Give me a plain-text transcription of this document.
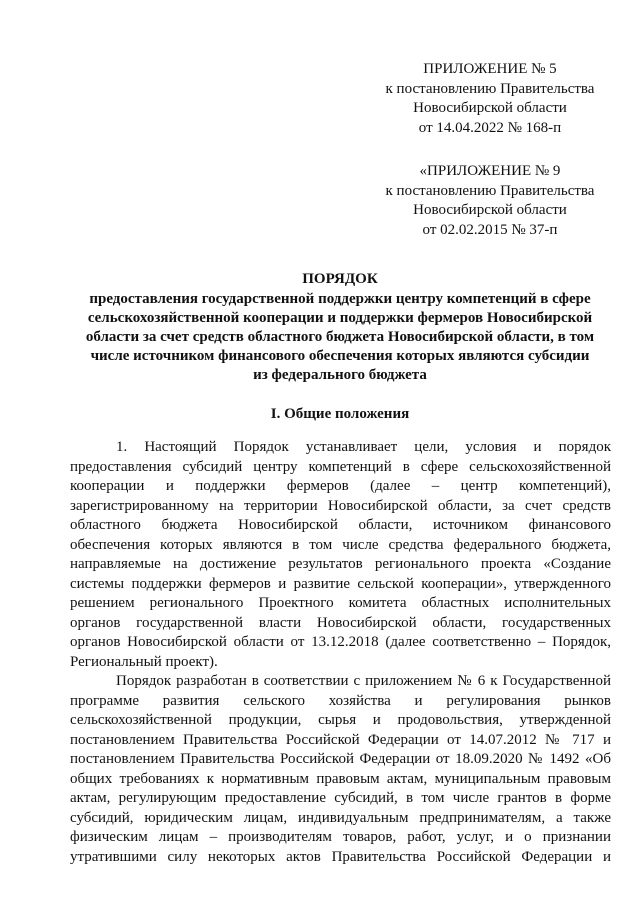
ПРИЛОЖЕНИЕ № 5
к постановлению Правительства
Новосибирской области
от 14.04.2022 № 168-п
«ПРИЛОЖЕНИЕ № 9
к постановлению Правительства
Новосибирской области
от 02.02.2015 № 37-п
ПОРЯДОК
предоставления государственной поддержки центру компетенций в сфере
сельскохозяйственной кооперации и поддержки фермеров Новосибирской
области за счет средств областного бюджета Новосибирской области, в том
числе источником финансового обеспечения которых являются субсидии
из федерального бюджета
I. Общие положения
1. Настоящий Порядок устанавливает цели, условия и порядок
предоставления субсидий центру компетенций в сфере сельскохозяйственной
кооперации и поддержки фермеров (далее – центр компетенций),
зарегистрированному на территории Новосибирской области, за счет средств
областного бюджета Новосибирской области, источником финансового
обеспечения которых являются в том числе средства федерального бюджета,
направляемые на достижение результатов регионального проекта «Создание
системы поддержки фермеров и развитие сельской кооперации», утвержденного
решением регионального Проектного комитета областных исполнительных
органов государственной власти Новосибирской области, государственных
органов Новосибирской области от 13.12.2018 (далее соответственно – Порядок,
Региональный проект).
Порядок разработан в соответствии с приложением № 6 к Государственной
программе развития сельского хозяйства и регулирования рынков
сельскохозяйственной продукции, сырья и продовольствия, утвержденной
постановлением Правительства Российской Федерации от 14.07.2012 № 717 и
постановлением Правительства Российской Федерации от 18.09.2020 № 1492 «Об
общих требованиях к нормативным правовым актам, муниципальным правовым
актам, регулирующим предоставление субсидий, в том числе грантов в форме
субсидий, юридическим лицам, индивидуальным предпринимателям, а также
физическим лицам – производителям товаров, работ, услуг, и о признании
утратившими силу некоторых актов Правительства Российской Федерации и
